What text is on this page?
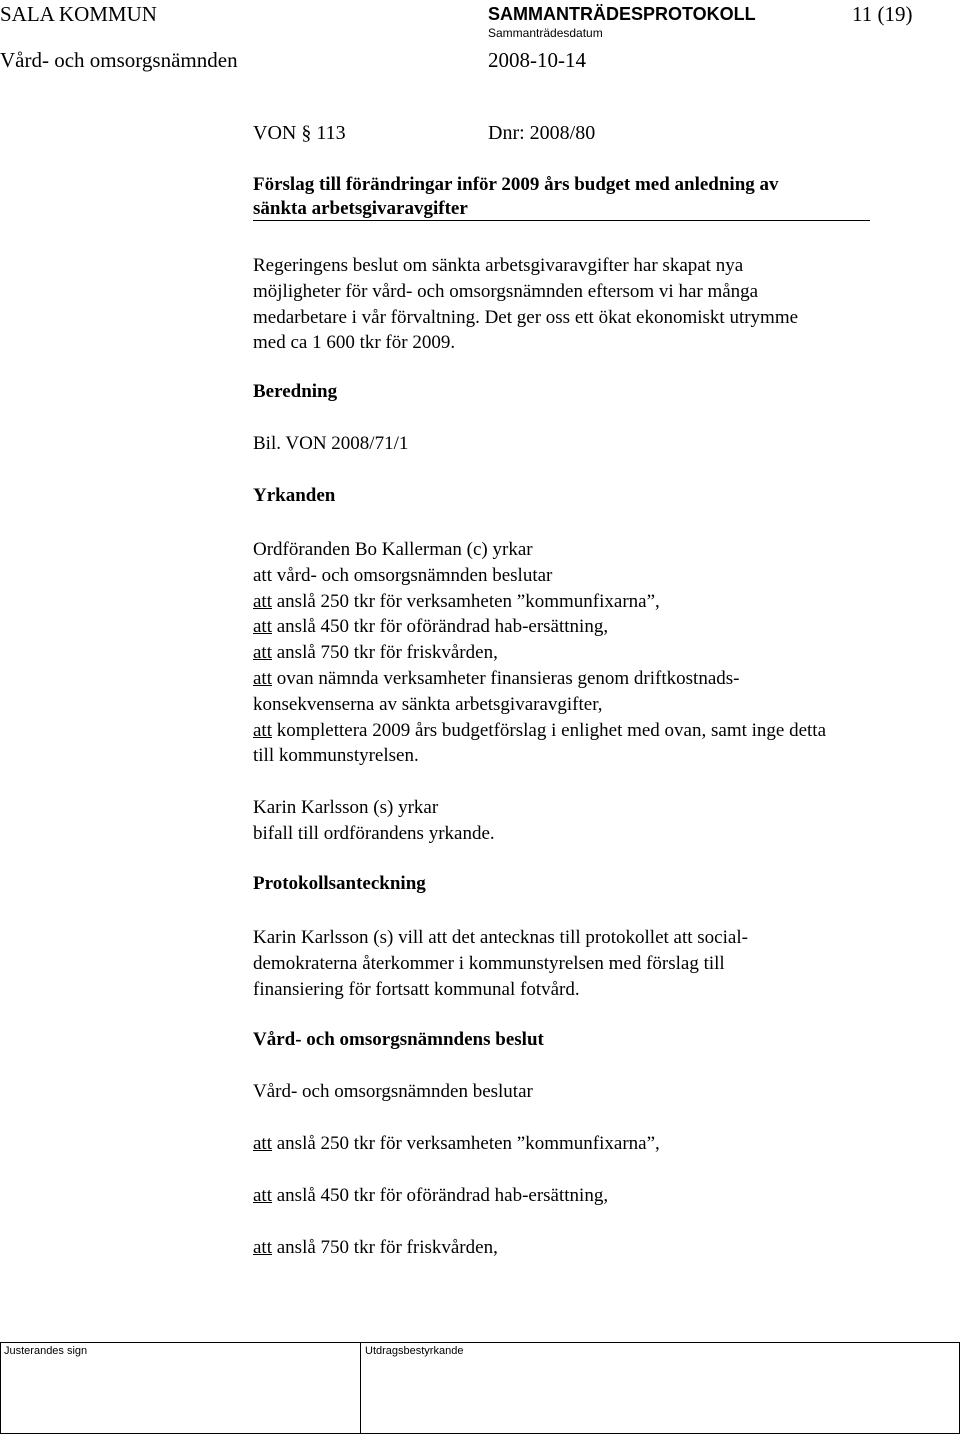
SALA KOMMUN	SAMMANTRÄDESPROTOKOLL	11 (19)
Sammanträdesdatum
Vård- och omsorgsnämnden	2008-10-14
VON § 113	Dnr: 2008/80
Förslag till förändringar inför 2009 års budget med anledning av
sänkta arbetsgivaravgifter
Regeringens beslut om sänkta arbetsgivaravgifter har skapat nya
möjligheter för vård- och omsorgsnämnden eftersom vi har många
medarbetare i vår förvaltning. Det ger oss ett ökat ekonomiskt utrymme
med ca 1 600 tkr för 2009.
Beredning
Bil. VON 2008/71/1
Yrkanden
Ordföranden Bo Kallerman (c) yrkar
att vård- och omsorgsnämnden beslutar
att anslå 250 tkr för verksamheten ”kommunfixarna”,
att anslå 450 tkr för oförändrad hab-ersättning,
att anslå 750 tkr för friskvården,
att ovan nämnda verksamheter finansieras genom driftkostnads-
konsekvenserna av sänkta arbetsgivaravgifter,
att komplettera 2009 års budgetförslag i enlighet med ovan, samt inge detta
till kommunstyrelsen.
Karin Karlsson (s) yrkar
bifall till ordförandens yrkande.
Protokollsanteckning
Karin Karlsson (s) vill att det antecknas till protokollet att social-
demokraterna återkommer i kommunstyrelsen med förslag till
finansiering för fortsatt kommunal fotvård.
Vård- och omsorgsnämndens beslut
Vård- och omsorgsnämnden beslutar
att anslå 250 tkr för verksamheten ”kommunfixarna”,
att anslå 450 tkr för oförändrad hab-ersättning,
att anslå 750 tkr för friskvården,
Justerandes sign	Utdragsbestyrkande
